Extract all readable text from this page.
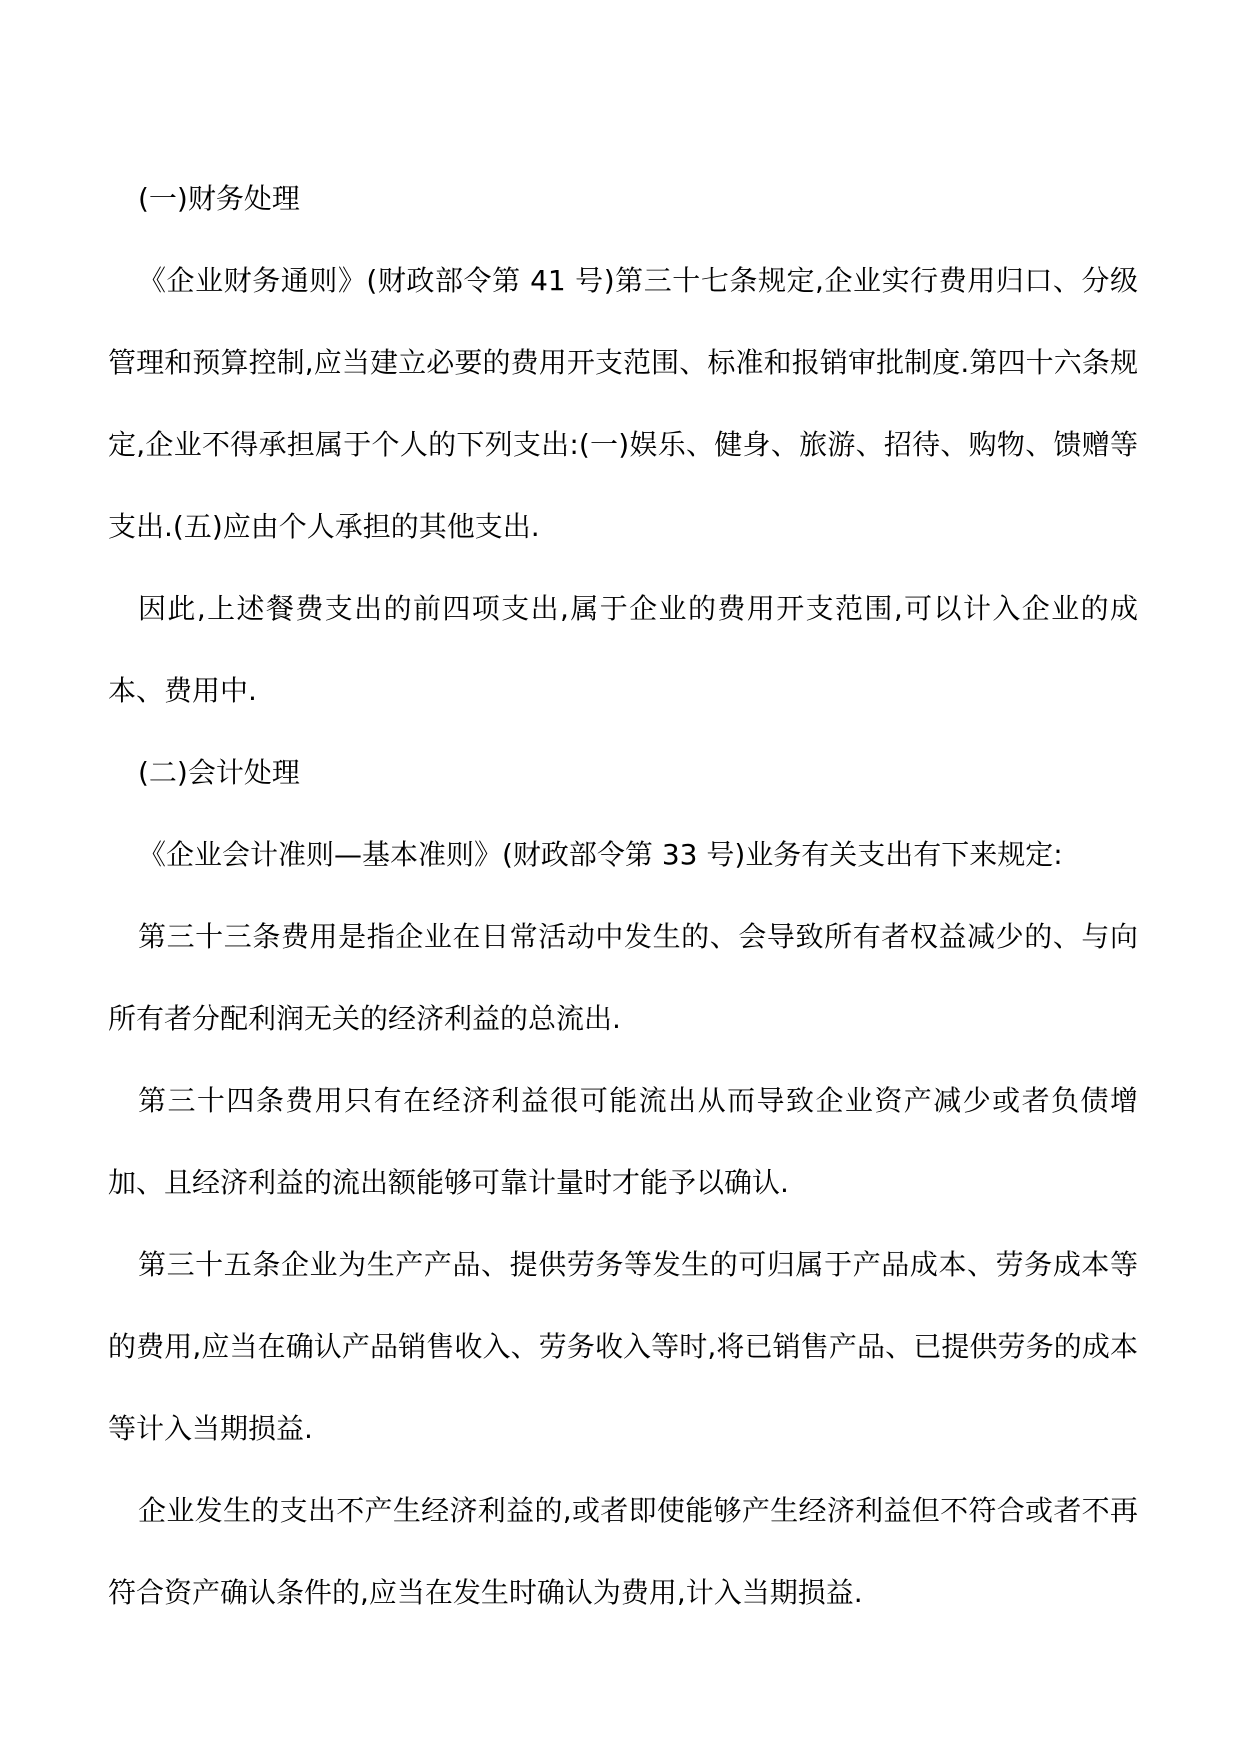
(一)财务处理

《企业财务通则》(财政部令第 41 号)第三十七条规定,企业实行费用归口、分级管理和预算控制,应当建立必要的费用开支范围、标准和报销审批制度.第四十六条规定,企业不得承担属于个人的下列支出:(一)娱乐、健身、旅游、招待、购物、馈赠等支出.(五)应由个人承担的其他支出.

因此,上述餐费支出的前四项支出,属于企业的费用开支范围,可以计入企业的成本、费用中.

(二)会计处理

《企业会计准则—基本准则》(财政部令第 33 号)业务有关支出有下来规定:

第三十三条费用是指企业在日常活动中发生的、会导致所有者权益减少的、与向所有者分配利润无关的经济利益的总流出.

第三十四条费用只有在经济利益很可能流出从而导致企业资产减少或者负债增加、且经济利益的流出额能够可靠计量时才能予以确认.

第三十五条企业为生产产品、提供劳务等发生的可归属于产品成本、劳务成本等的费用,应当在确认产品销售收入、劳务收入等时,将已销售产品、已提供劳务的成本等计入当期损益.

企业发生的支出不产生经济利益的,或者即使能够产生经济利益但不符合或者不再符合资产确认条件的,应当在发生时确认为费用,计入当期损益.
